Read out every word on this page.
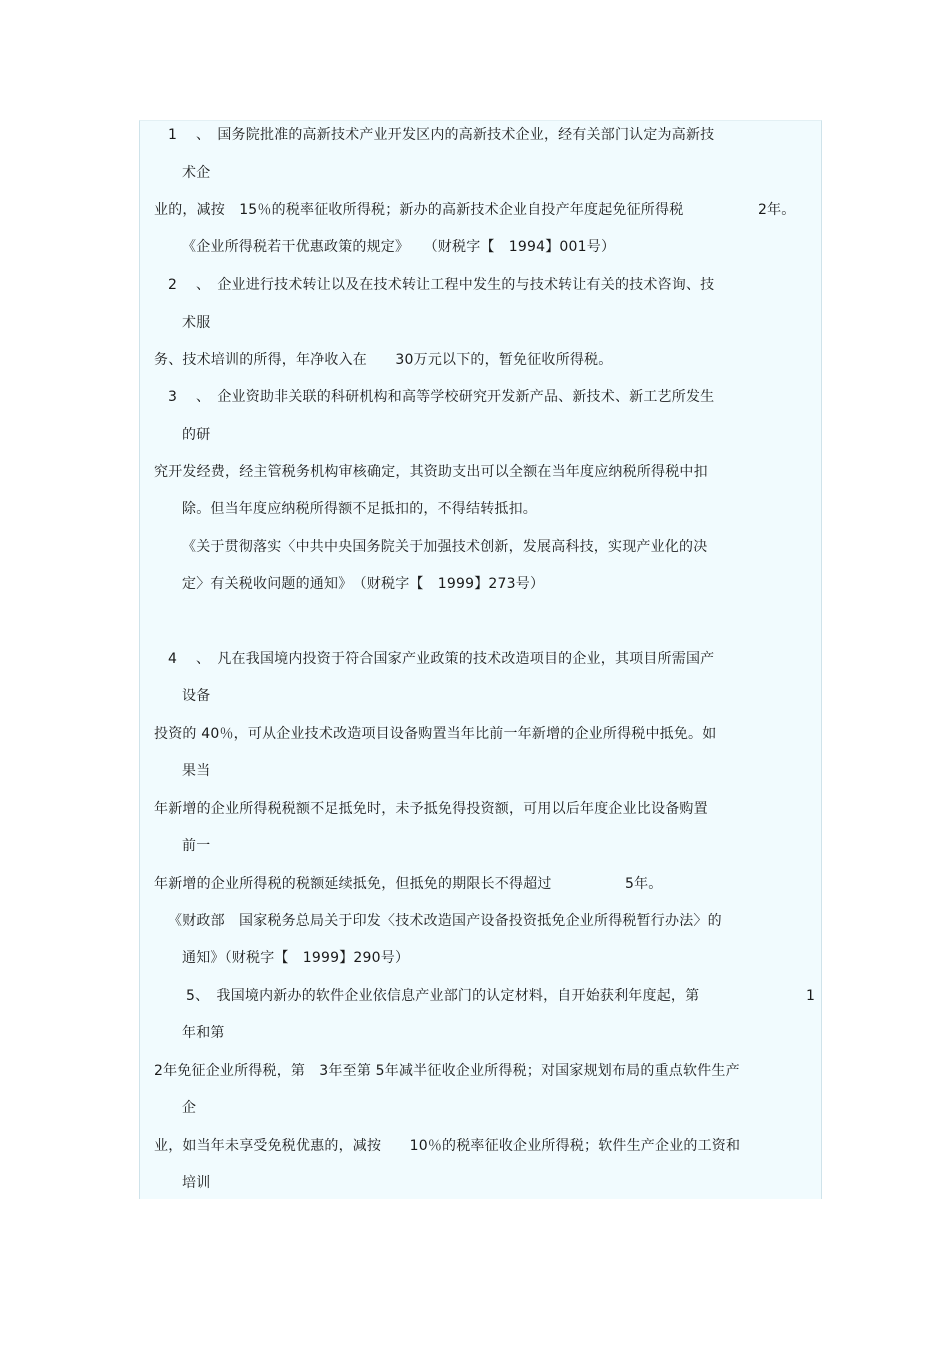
1　 、　国务院批准的高新技术产业开发区内的高新技术企业，经有关部门认定为高新技
术企
业的，减按　15％的税率征收所得税；新办的高新技术企业自投产年度起免征所得税	2年。
《企业所得税若干优惠政策的规定》　　（财税字【　1994】001号）
2　 、　企业进行技术转让以及在技术转让工程中发生的与技术转让有关的技术咨询、技
术服
务、技术培训的所得，年净收入在　　30万元以下的，暂免征收所得税。
3　 、　企业资助非关联的科研机构和高等学校研究开发新产品、新技术、新工艺所发生
的研
究开发经费，经主管税务机构审核确定，其资助支出可以全额在当年度应纳税所得税中扣
除。但当年度应纳税所得额不足抵扣的，不得结转抵扣。
《关于贯彻落实〈中共中央国务院关于加强技术创新，发展高科技，实现产业化的决
定〉有关税收问题的通知》　（财税字【　1999】273号）
4　 、　凡在我国境内投资于符合国家产业政策的技术改造项目的企业，其项目所需国产
设备
投资的 40％，可从企业技术改造项目设备购置当年比前一年新增的企业所得税中抵免。如
果当
年新增的企业所得税税额不足抵免时，未予抵免得投资额，可用以后年度企业比设备购置
前一
年新增的企业所得税的税额延续抵免，但抵免的期限长不得超过	5年。
《财政部　国家税务总局关于印发〈技术改造国产设备投资抵免企业所得税暂行办法〉的
通知》（财税字【　1999】290号）
5、　我国境内新办的软件企业依信息产业部门的认定材料，自开始获利年度起，第	1
年和第
2年免征企业所得税，第　3年至第 5年减半征收企业所得税；对国家规划布局的重点软件生产
企
业，如当年未享受免税优惠的，减按　　10％的税率征收企业所得税；软件生产企业的工资和
培训
